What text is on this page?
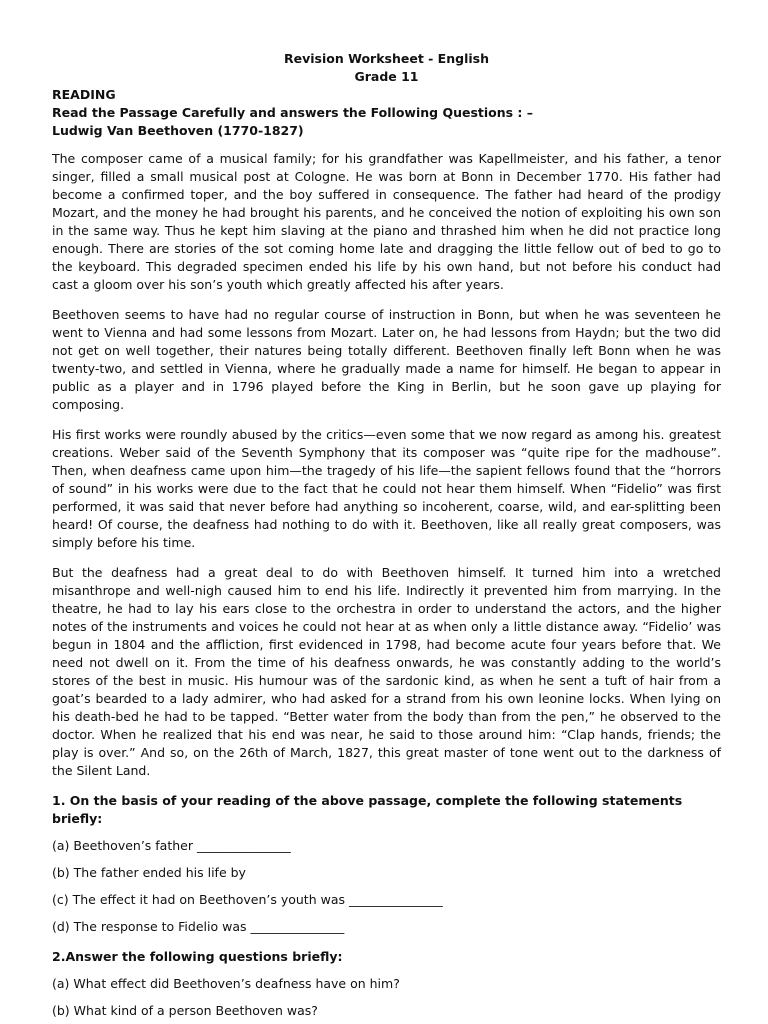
Revision Worksheet - English
Grade 11
READING
Read the Passage Carefully and answers the Following Questions : –
Ludwig Van Beethoven (1770-1827)

The composer came of a musical family; for his grandfather was Kapellmeister, and his father, a tenor singer, filled a small musical post at Cologne. He was born at Bonn in December 1770. His father had become a confirmed toper, and the boy suffered in consequence. The father had heard of the prodigy Mozart, and the money he had brought his parents, and he conceived the notion of exploiting his own son in the same way. Thus he kept him slaving at the piano and thrashed him when he did not practice long enough. There are stories of the sot coming home late and dragging the little fellow out of bed to go to the keyboard. This degraded specimen ended his life by his own hand, but not before his conduct had cast a gloom over his son’s youth which greatly affected his after years.

Beethoven seems to have had no regular course of instruction in Bonn, but when he was seventeen he went to Vienna and had some lessons from Mozart. Later on, he had lessons from Haydn; but the two did not get on well together, their natures being totally different. Beethoven finally left Bonn when he was twenty-two, and settled in Vienna, where he gradually made a name for himself. He began to appear in public as a player and in 1796 played before the King in Berlin, but he soon gave up playing for composing.

His first works were roundly abused by the critics—even some that we now regard as among his. greatest creations. Weber said of the Seventh Symphony that its composer was “quite ripe for the madhouse”. Then, when deafness came upon him—the tragedy of his life—the sapient fellows found that the “horrors of sound” in his works were due to the fact that he could not hear them himself. When “Fidelio” was first performed, it was said that never before had anything so incoherent, coarse, wild, and ear-splitting been heard! Of course, the deafness had nothing to do with it. Beethoven, like all really great composers, was simply before his time.

But the deafness had a great deal to do with Beethoven himself. It turned him into a wretched misanthrope and well-nigh caused him to end his life. Indirectly it prevented him from marrying. In the theatre, he had to lay his ears close to the orchestra in order to understand the actors, and the higher notes of the instruments and voices he could not hear at as when only a little distance away. “Fidelio’ was begun in 1804 and the affliction, first evidenced in 1798, had become acute four years before that. We need not dwell on it. From the time of his deafness onwards, he was constantly adding to the world’s stores of the best in music. His humour was of the sardonic kind, as when he sent a tuft of hair from a goat’s bearded to a lady admirer, who had asked for a strand from his own leonine locks. When lying on his death-bed he had to be tapped. “Better water from the body than from the pen,” he observed to the doctor. When he realized that his end was near, he said to those around him: “Clap hands, friends; the play is over.” And so, on the 26th of March, 1827, this great master of tone went out to the darkness of the Silent Land.

1. On the basis of your reading of the above passage, complete the following statements briefly:
(a) Beethoven’s father _______________
(b) The father ended his life by
(c) The effect it had on Beethoven’s youth was _______________
(d) The response to Fidelio was _______________
2.Answer the following questions briefly:
(a) What effect did Beethoven’s deafness have on him?
(b) What kind of a person Beethoven was?
